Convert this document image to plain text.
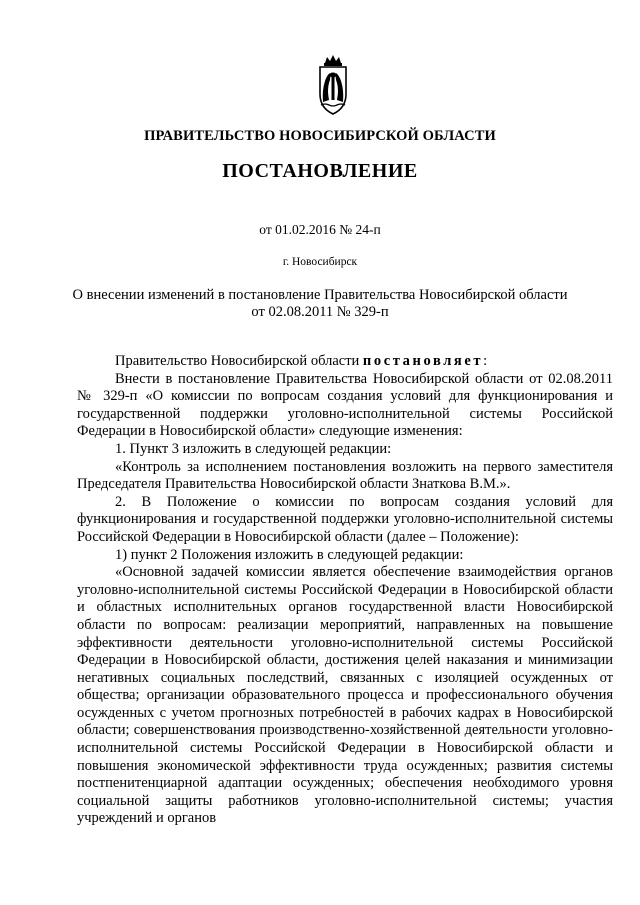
ПРАВИТЕЛЬСТВО НОВОСИБИРСКОЙ ОБЛАСТИ
ПОСТАНОВЛЕНИЕ
от 01.02.2016 № 24-п
г. Новосибирск
О внесении изменений в постановление Правительства Новосибирской области
от 02.08.2011 № 329-п

Правительство Новосибирской области постановляет:

Внести в постановление Правительства Новосибирской области от 02.08.2011 № 329-п «О комиссии по вопросам создания условий для функционирования и государственной поддержки уголовно-исполнительной системы Российской Федерации в Новосибирской области» следующие изменения:

1. Пункт 3 изложить в следующей редакции:

«Контроль за исполнением постановления возложить на первого заместителя Председателя Правительства Новосибирской области Знаткова В.М.».

2. В Положение о комиссии по вопросам создания условий для функционирования и государственной поддержки уголовно-исполнительной системы Российской Федерации в Новосибирской области (далее – Положение):

1) пункт 2 Положения изложить в следующей редакции:

«Основной задачей комиссии является обеспечение взаимодействия органов уголовно-исполнительной системы Российской Федерации в Новосибирской области и областных исполнительных органов государственной власти Новосибирской области по вопросам: реализации мероприятий, направленных на повышение эффективности деятельности уголовно-исполнительной системы Российской Федерации в Новосибирской области, достижения целей наказания и минимизации негативных социальных последствий, связанных с изоляцией осужденных от общества; организации образовательного процесса и профессионального обучения осужденных с учетом прогнозных потребностей в рабочих кадрах в Новосибирской области; совершенствования производственно-хозяйственной деятельности уголовно-исполнительной системы Российской Федерации в Новосибирской области и повышения экономической эффективности труда осужденных; развития системы постпенитенциарной адаптации осужденных; обеспечения необходимого уровня социальной защиты работников уголовно-исполнительной системы; участия учреждений и органов
